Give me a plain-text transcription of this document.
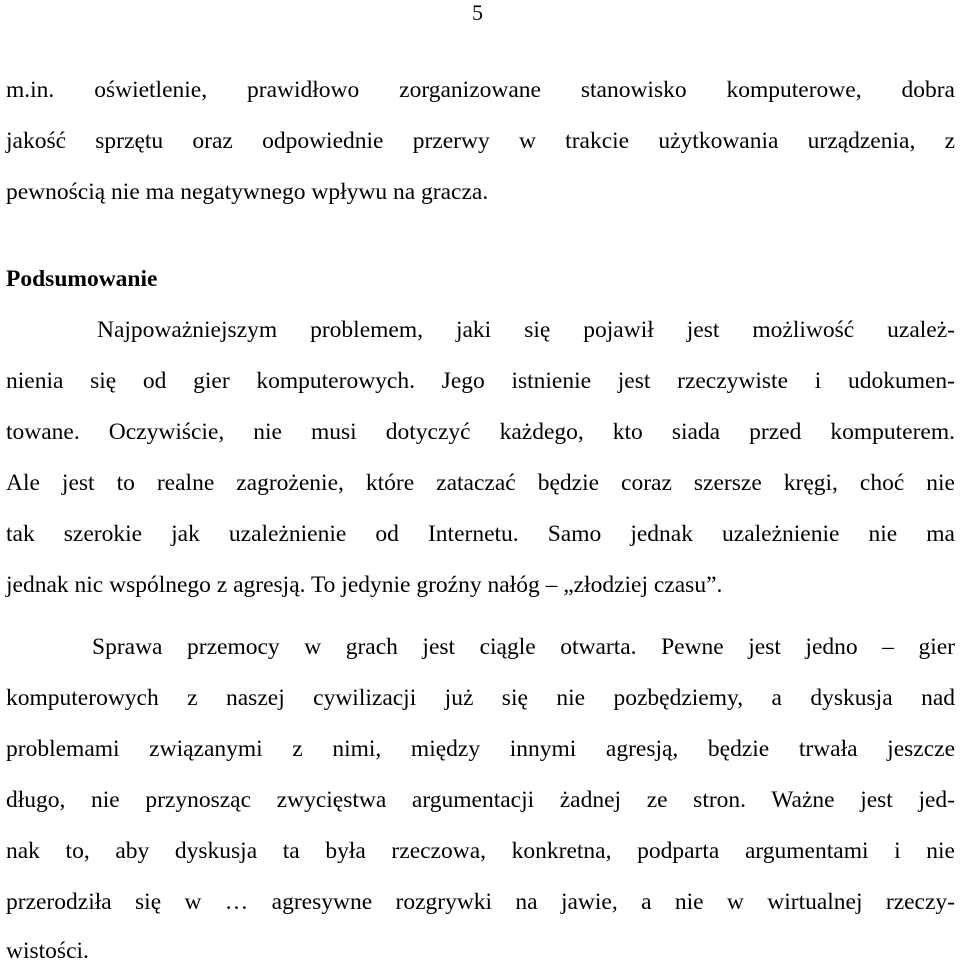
5
m.in. oświetlenie, prawidłowo zorganizowane stanowisko komputerowe, dobra
jakość sprzętu oraz odpowiednie przerwy w trakcie użytkowania urządzenia, z
pewnością nie ma negatywnego wpływu na gracza.
Podsumowanie
Najpoważniejszym problemem, jaki się pojawił jest możliwość uzależ-
nienia się od gier komputerowych. Jego istnienie jest rzeczywiste i udokumen-
towane. Oczywiście, nie musi dotyczyć każdego, kto siada przed komputerem.
Ale jest to realne zagrożenie, które zataczać będzie coraz szersze kręgi, choć nie
tak szerokie jak uzależnienie od Internetu. Samo jednak uzależnienie nie ma
jednak nic wspólnego z agresją. To jedynie groźny nałóg – „złodziej czasu”.
Sprawa przemocy w grach jest ciągle otwarta. Pewne jest jedno – gier
komputerowych z naszej cywilizacji już się nie pozbędziemy, a dyskusja nad
problemami związanymi z nimi, między innymi agresją, będzie trwała jeszcze
długo, nie przynosząc zwycięstwa argumentacji żadnej ze stron. Ważne jest jed-
nak to, aby dyskusja ta była rzeczowa, konkretna, podparta argumentami i nie
przerodziła się w … agresywne rozgrywki na jawie, a nie w wirtualnej rzeczy-
wistości.
